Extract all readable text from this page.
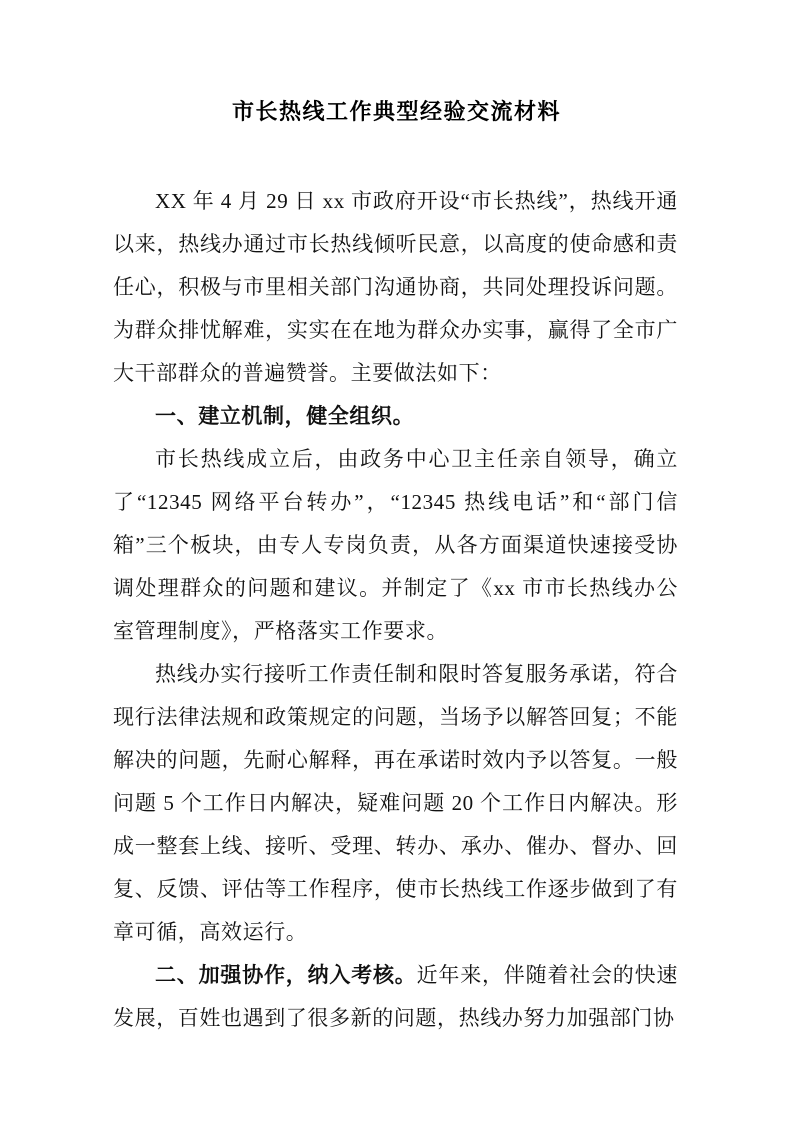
市长热线工作典型经验交流材料

XX 年 4 月 29 日 xx 市政府开设“市长热线”，热线开通以来，热线办通过市长热线倾听民意，以高度的使命感和责任心，积极与市里相关部门沟通协商，共同处理投诉问题。为群众排忧解难，实实在在地为群众办实事，赢得了全市广大干部群众的普遍赞誉。主要做法如下：

一、建立机制，健全组织。

市长热线成立后，由政务中心卫主任亲自领导，确立了“12345 网络平台转办”，“12345 热线电话”和“部门信箱”三个板块，由专人专岗负责，从各方面渠道快速接受协调处理群众的问题和建议。并制定了《xx 市市长热线办公室管理制度》，严格落实工作要求。

热线办实行接听工作责任制和限时答复服务承诺，符合现行法律法规和政策规定的问题，当场予以解答回复；不能解决的问题，先耐心解释，再在承诺时效内予以答复。一般问题 5 个工作日内解决，疑难问题 20 个工作日内解决。形成一整套上线、接听、受理、转办、承办、催办、督办、回复、反馈、评估等工作程序，使市长热线工作逐步做到了有章可循，高效运行。

二、加强协作，纳入考核。近年来，伴随着社会的快速发展，百姓也遇到了很多新的问题，热线办努力加强部门协
